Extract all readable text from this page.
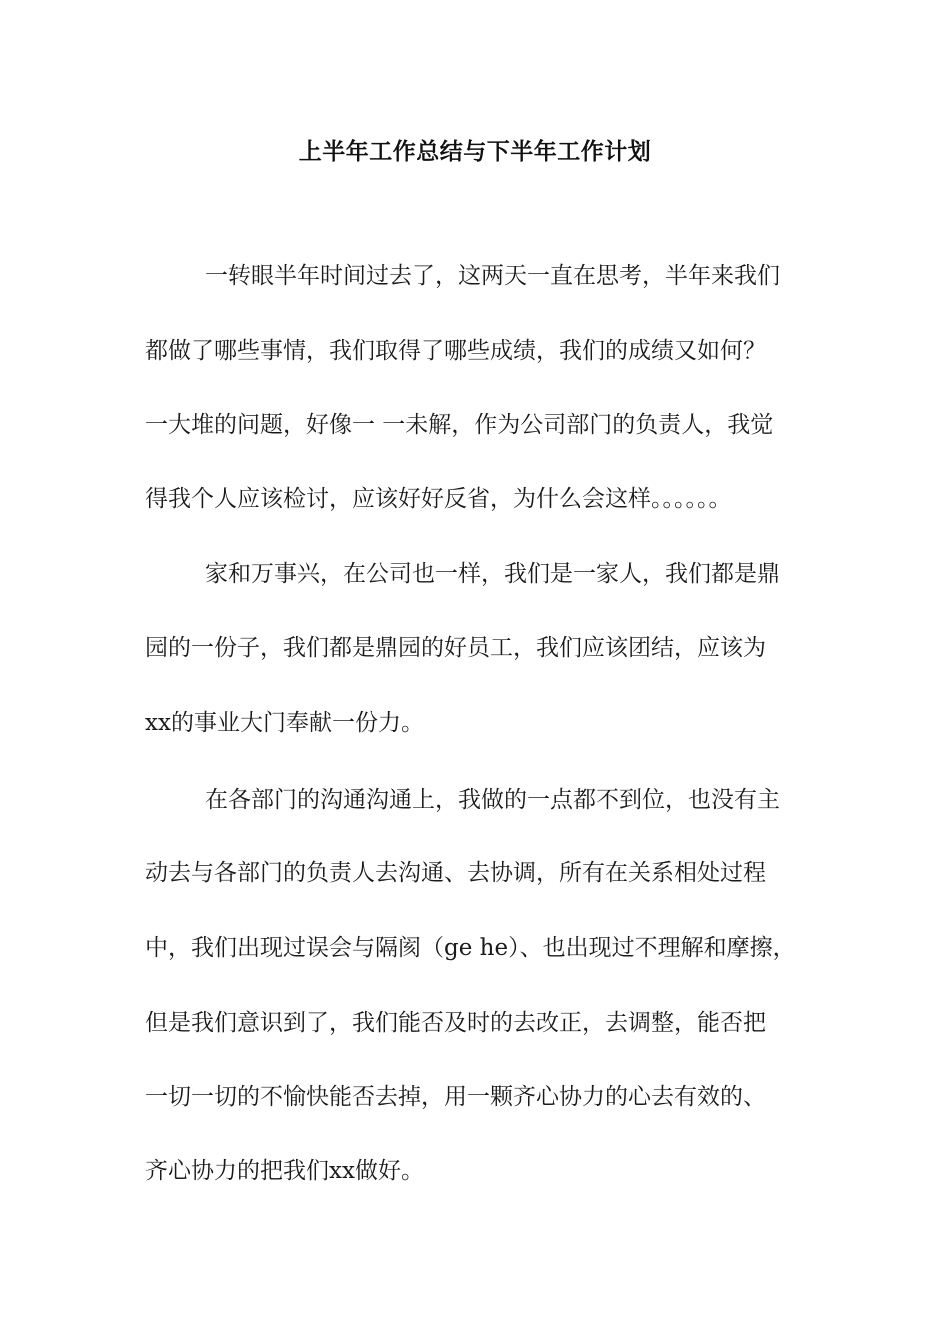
上半年工作总结与下半年工作计划
一转眼半年时间过去了，这两天一直在思考，半年来我们
都做了哪些事情，我们取得了哪些成绩，我们的成绩又如何？
一大堆的问题，好像一 一未解，作为公司部门的负责人，我觉
得我个人应该检讨，应该好好反省，为什么会这样。。。。。。
家和万事兴，在公司也一样，我们是一家人，我们都是鼎
园的一份子，我们都是鼎园的好员工，我们应该团结，应该为
xx的事业大门奉献一份力。
在各部门的沟通沟通上，我做的一点都不到位，也没有主
动去与各部门的负责人去沟通、去协调，所有在关系相处过程
中，我们出现过误会与隔阂（ge he）、也出现过不理解和摩擦，
但是我们意识到了，我们能否及时的去改正，去调整，能否把
一切一切的不愉快能否去掉，用一颗齐心协力的心去有效的、
齐心协力的把我们xx做好。
